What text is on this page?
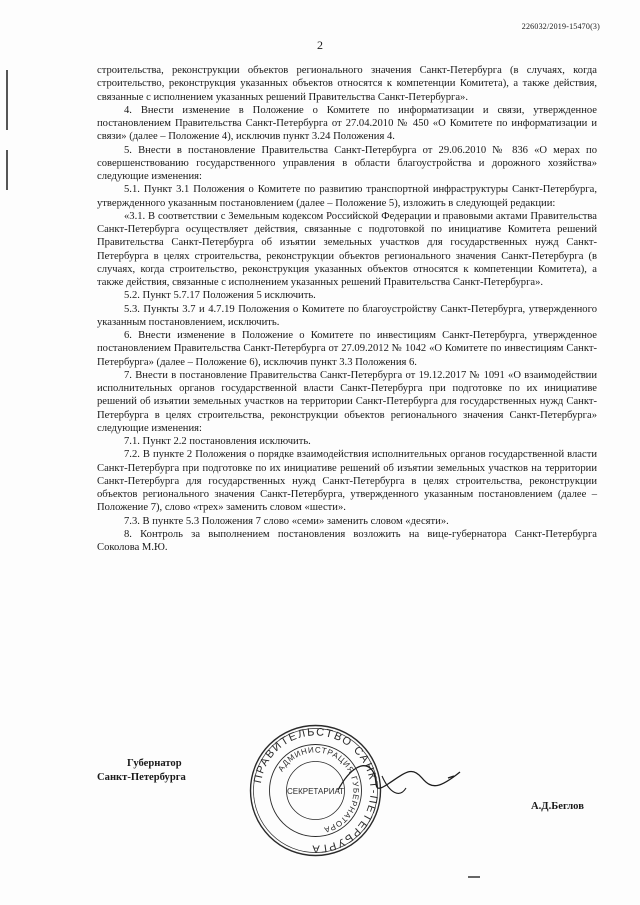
226032/2019-15470(3)
2

строительства, реконструкции объектов регионального значения Санкт-Петербурга (в случаях, когда строительство, реконструкция указанных объектов относятся к компетенции Комитета), а также действия, связанные с исполнением указанных решений Правительства Санкт-Петербурга».

4. Внести изменение в Положение о Комитете по информатизации и связи, утвержденное постановлением Правительства Санкт-Петербурга от 27.04.2010 № 450 «О Комитете по информатизации и связи» (далее – Положение 4), исключив пункт 3.24 Положения 4.

5. Внести в постановление Правительства Санкт-Петербурга от 29.06.2010 № 836 «О мерах по совершенствованию государственного управления в области благоустройства и дорожного хозяйства» следующие изменения:

5.1. Пункт 3.1 Положения о Комитете по развитию транспортной инфраструктуры Санкт-Петербурга, утвержденного указанным постановлением (далее – Положение 5), изложить в следующей редакции:

«3.1. В соответствии с Земельным кодексом Российской Федерации и правовыми актами Правительства Санкт-Петербурга осуществляет действия, связанные с подготовкой по инициативе Комитета решений Правительства Санкт-Петербурга об изъятии земельных участков для государственных нужд Санкт-Петербурга в целях строительства, реконструкции объектов регионального значения Санкт-Петербурга (в случаях, когда строительство, реконструкция указанных объектов относятся к компетенции Комитета), а также действия, связанные с исполнением указанных решений Правительства Санкт-Петербурга».

5.2. Пункт 5.7.17 Положения 5 исключить.

5.3. Пункты 3.7 и 4.7.19 Положения о Комитете по благоустройству Санкт-Петербурга, утвержденного указанным постановлением, исключить.

6. Внести изменение в Положение о Комитете по инвестициям Санкт-Петербурга, утвержденное постановлением Правительства Санкт-Петербурга от 27.09.2012 № 1042 «О Комитете по инвестициям Санкт-Петербурга» (далее – Положение 6), исключив пункт 3.3 Положения 6.

7. Внести в постановление Правительства Санкт-Петербурга от 19.12.2017 № 1091 «О взаимодействии исполнительных органов государственной власти Санкт-Петербурга при подготовке по их инициативе решений об изъятии земельных участков на территории Санкт-Петербурга для государственных нужд Санкт-Петербурга в целях строительства, реконструкции объектов регионального значения Санкт-Петербурга» следующие изменения:

7.1. Пункт 2.2 постановления исключить.

7.2. В пункте 2 Положения о порядке взаимодействия исполнительных органов государственной власти Санкт-Петербурга при подготовке по их инициативе решений об изъятии земельных участков на территории Санкт-Петербурга для государственных нужд Санкт-Петербурга в целях строительства, реконструкции объектов регионального значения Санкт-Петербурга, утвержденного указанным постановлением (далее – Положение 7), слово «трех» заменить словом «шести».

7.3. В пункте 5.3 Положения 7 слово «семи» заменить словом «десяти».

8. Контроль за выполнением постановления возложить на вице-губернатора Санкт-Петербурга Соколова М.Ю.

Губернатор
Санкт-Петербурга	ПРАВИТЕЛЬСТВО САНКТ-ПЕТЕРБУРГА
АДМИНИСТРАЦИЯ ГУБЕРНАТОРА
СЕКРЕТАРИАТ
А.Д.Беглов
